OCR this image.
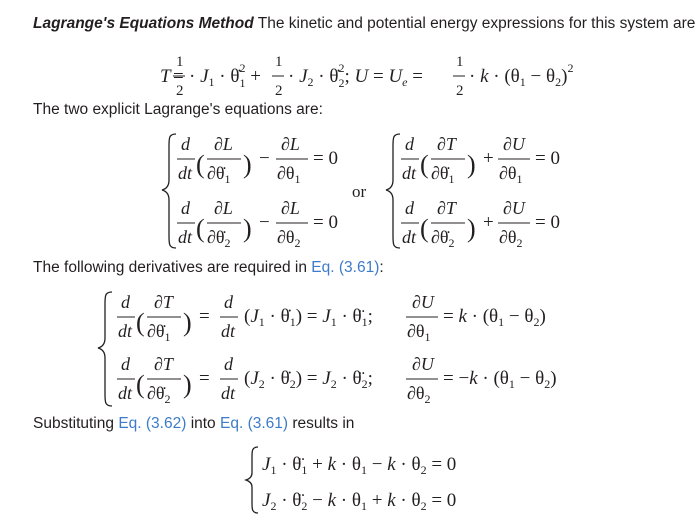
Lagrange's Equations Method The kinetic and potential energy expressions for this system are
T =
1
2
· $J_1$ · θ̇$^2$ 1 +
1
2
· $J_2$ · θ̇$^2$ 2; $U = U_e$ =
1
2
· $k \cdot (\theta_1 - \theta_2)^2$
The two explicit Lagrange's equations are:
d
dt (
∂L
$\partial\thetȧ_1$ ) −
∂L
$\partial\theta_1$
= 0
d
dt (
∂L
$\partial\thetȧ_2$ ) −
∂L
$\partial\theta_2$
= 0
or
d
dt (
∂T
$\partial\thetȧ_1$ ) +
∂U
$\partial\theta_1$
= 0
d
dt (
∂T
$\partial\thetȧ_2$ ) +
∂U
$\partial\theta_2$
= 0
The following derivatives are required in Eq. (3.61):
d
dt (
∂T
$\partial\thetȧ_1$ ) =
d
dt
($J_1$ · $\thetȧ_1) = J_1$ · $\thetä_1$;
∂U
$\partial\theta_1$
= $k \cdot (\theta_1 - \theta_2)$
d
dt (
∂T
$\partial\thetȧ_2$ ) =
d
dt
($J_2$ · $\thetȧ_2) = J_2$ · $\thetä_2$;
∂U
$\partial\theta_2$
= $-k \cdot (\theta_1 - \theta_2)$
Substituting Eq. (3.62) into Eq. (3.61) results in
$J_1$ · $\thetä_1 + k \cdot \theta_1 - k \cdot \theta_2 = 0$
$J_2$ · $\thetä_2 - k \cdot \theta_1 + k \cdot \theta_2 = 0$
